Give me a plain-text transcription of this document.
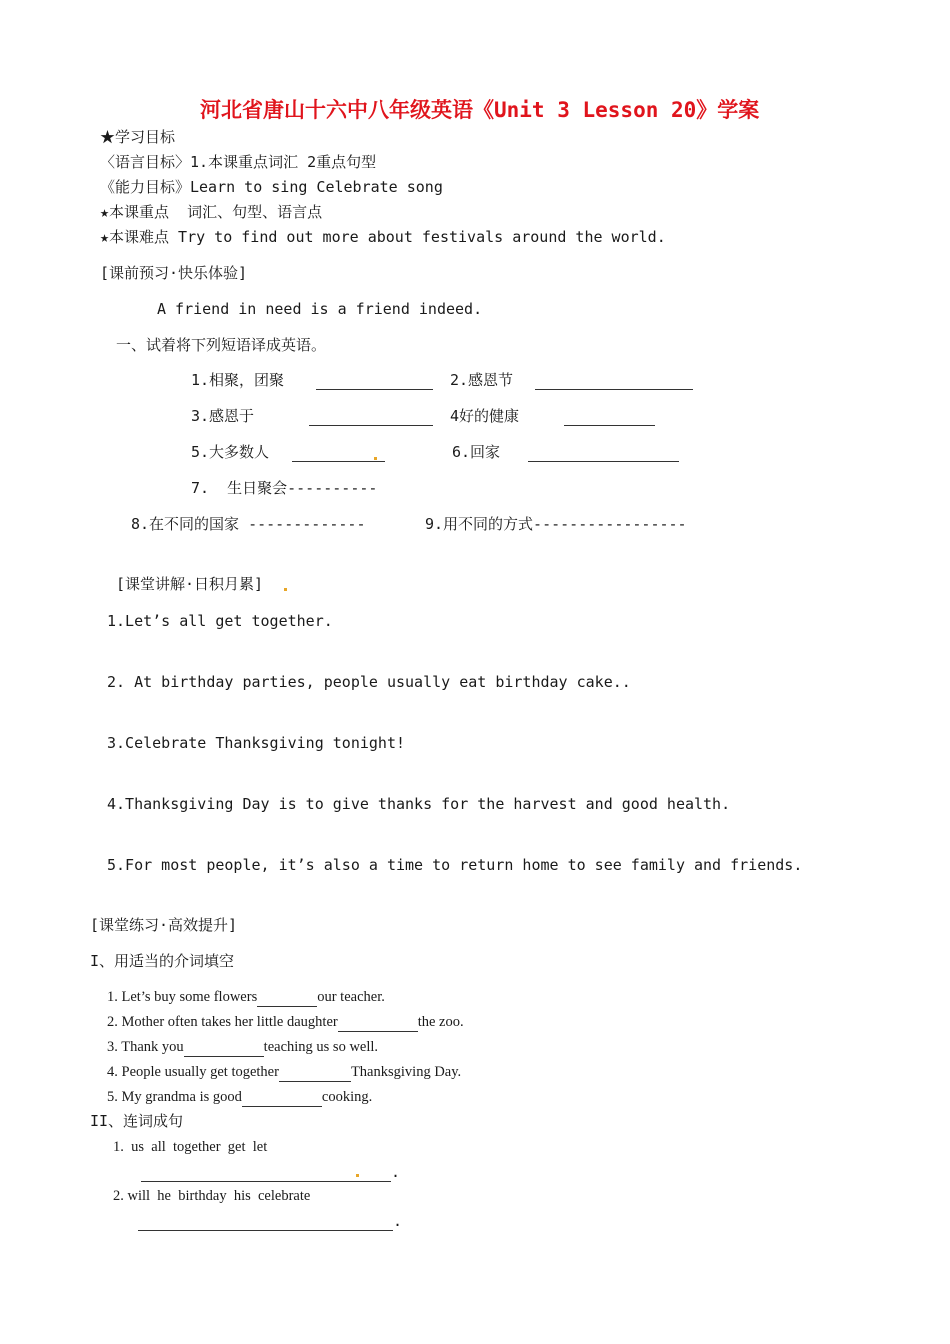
河北省唐山十六中八年级英语《Unit 3 Lesson 20》学案
★学习目标
〈语言目标〉1.本课重点词汇 2重点句型
《能力目标》Learn to sing Celebrate song
★本课重点  词汇、句型、语言点
★本课难点 Try to find out more about festivals around the world.
[课前预习·快乐体验]
A friend in need is a friend indeed.
一、试着将下列短语译成英语。
1.相聚，团聚	2.感恩节
3.感恩于	4好的健康
5.大多数人	6.回家
7.  生日聚会----------
8.在不同的国家 -------------	9.用不同的方式-----------------
[课堂讲解·日积月累]
1.Let’s all get together.
2. At birthday parties, people usually eat birthday cake..
3.Celebrate Thanksgiving tonight!
4.Thanksgiving Day is to give thanks for the harvest and good health.
5.For most people, it’s also a time to return home to see family and friends.
[课堂练习·高效提升]
I、用适当的介词填空
1. Let’s buy some flowers	our teacher.
2. Mother often takes her little daughter	the zoo.
3. Thank you	teaching us so well.
4. People usually get together	Thanksgiving Day.
5. My grandma is good	cooking.
II、连词成句
1. us  all  together  get  let
.
2. will  he  birthday  his  celebrate
.
